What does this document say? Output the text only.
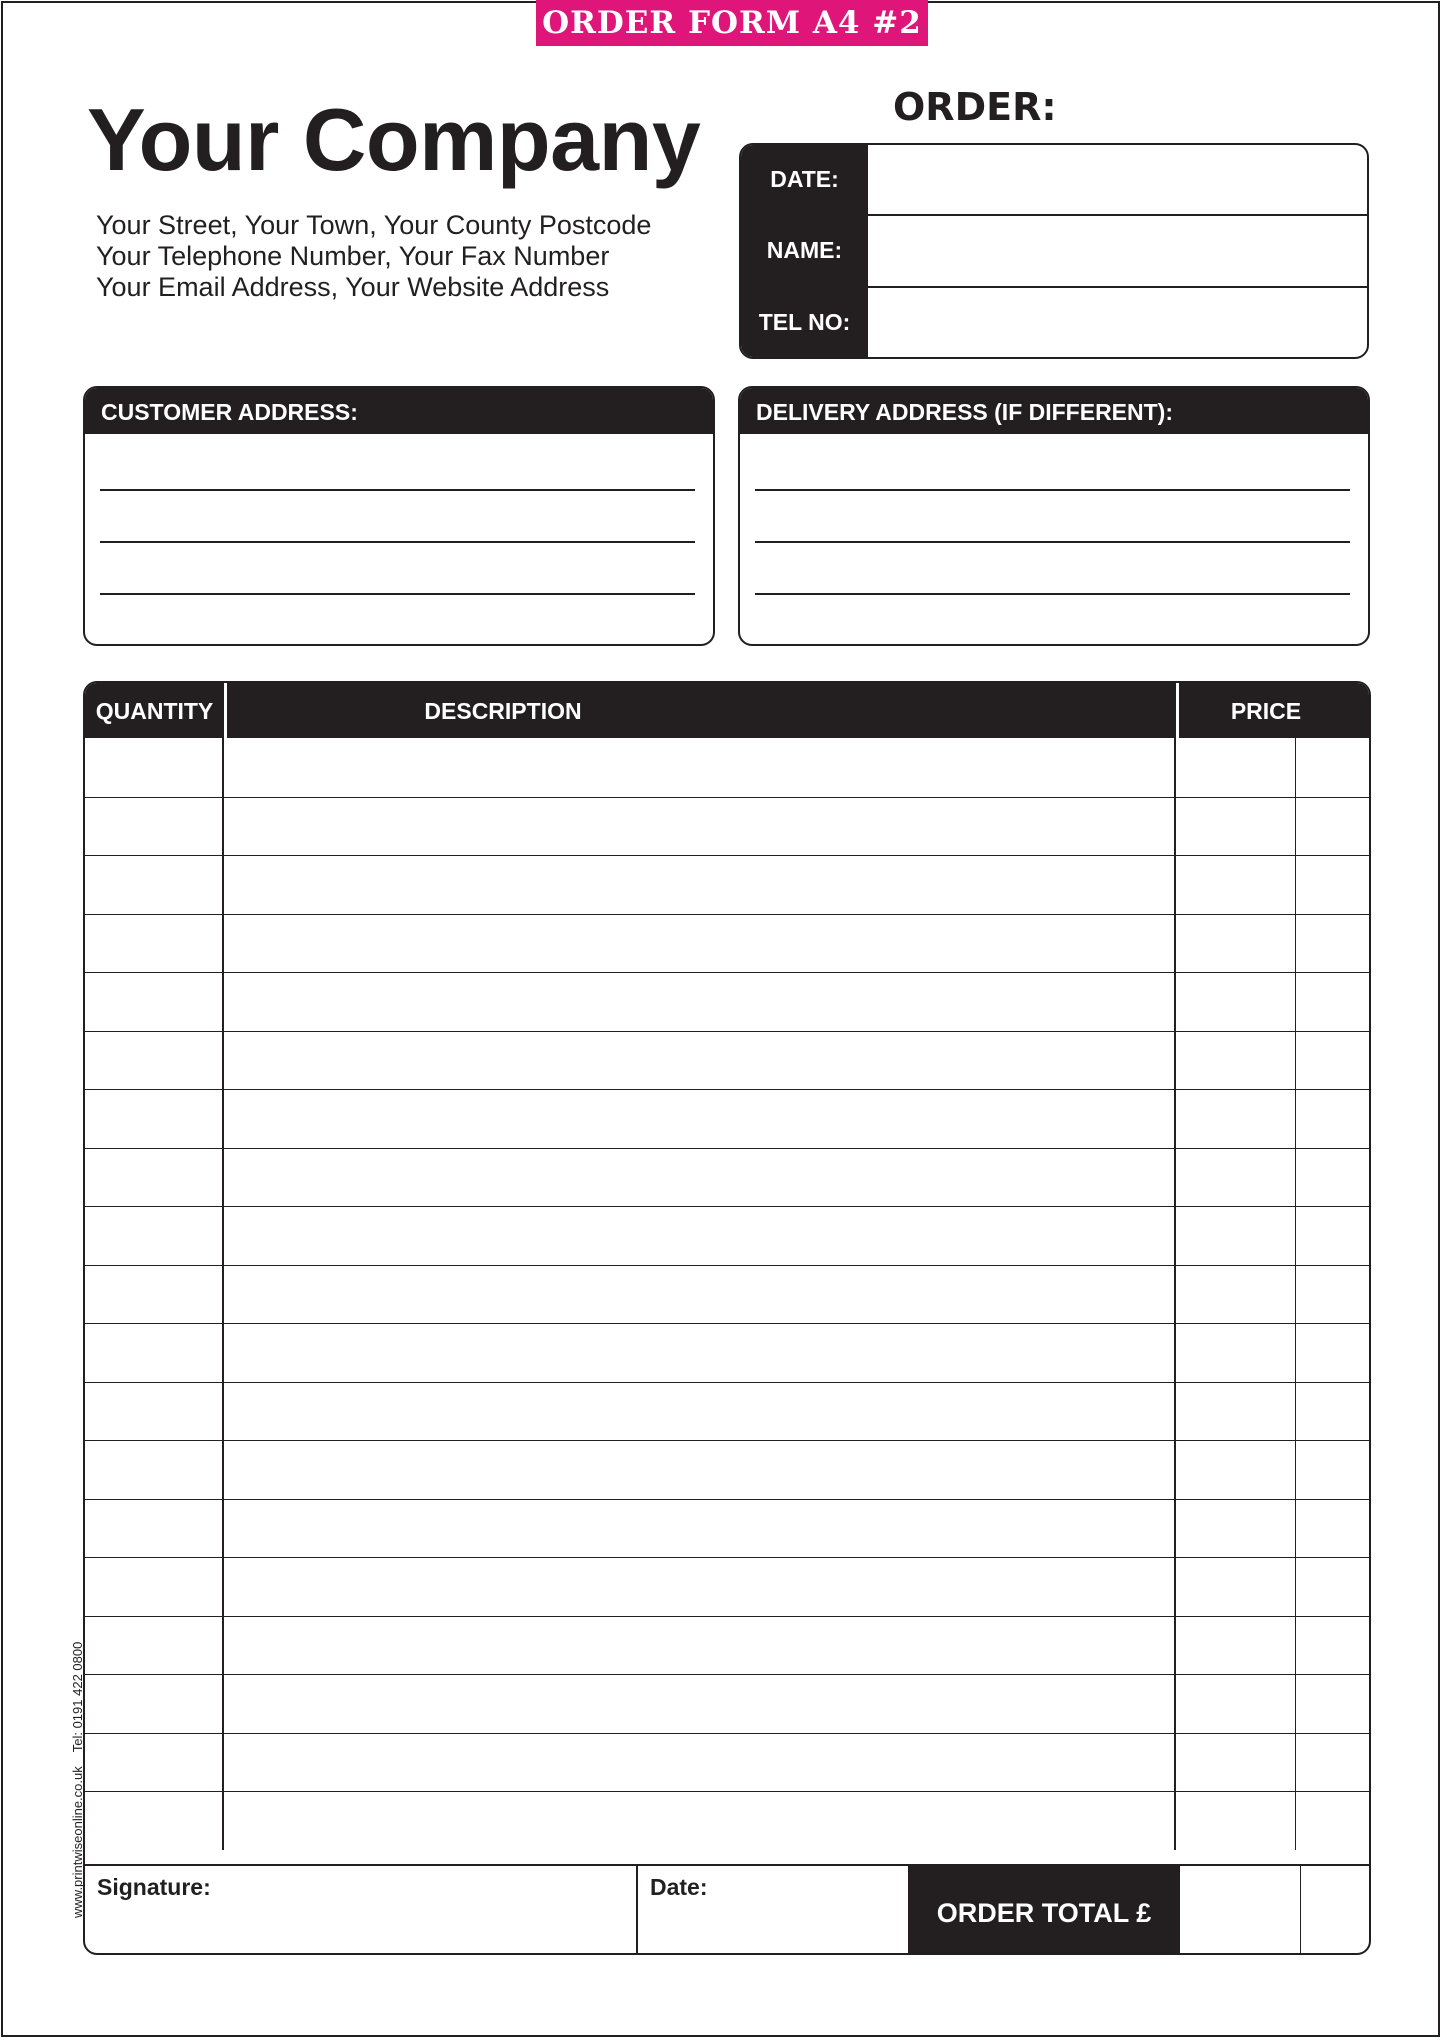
ORDER FORM A4 #2
Your Company
Your Street, Your Town, Your County Postcode
Your Telephone Number, Your Fax Number
Your Email Address, Your Website Address
ORDER:
DATE:
NAME:
TEL NO:
CUSTOMER ADDRESS:	DELIVERY ADDRESS (IF DIFFERENT):
QUANTITY	DESCRIPTION	PRICE
Signature:	Date:
ORDER TOTAL £
www.printwiseonline.co.ukTel: 0191 422 0800
